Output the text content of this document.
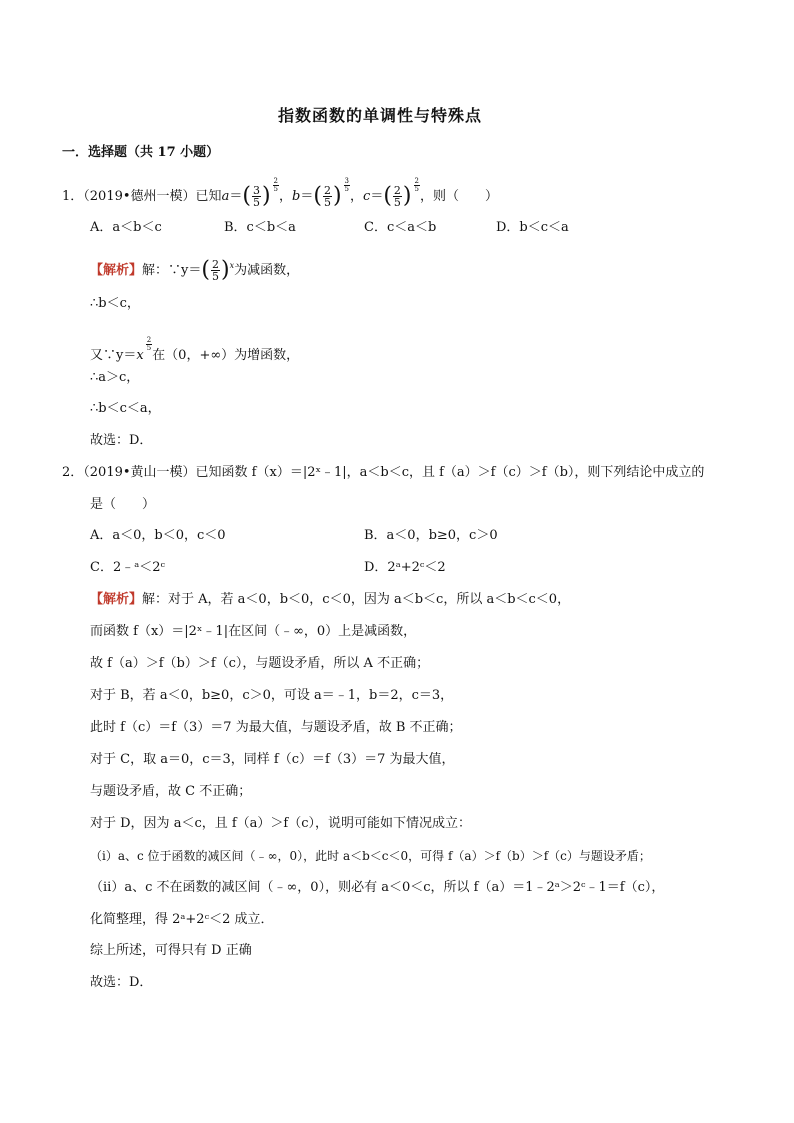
指数函数的单调性与特殊点
一．选择题（共 17 小题）
1．（2019•德州一模）已知$a=( \frac{3}{5}$ ) $\frac{2}{5}$
，$b=( \frac{2}{5}$ ) $\frac{3}{5}$
，$c=( \frac{2}{5}$ ) $\frac{2}{5}$
，则（　　）
A．a＜b＜c	B．c＜b＜a	C．c＜a＜b	D．b＜c＜a
【解析】解：∵y＝( $\frac{2}{5} )^x$为减函数，
∴b＜c，
又∵y＝x
$\frac{2}{5}$
在（0，+∞）为增函数，
∴a＞c，
∴b＜c＜a，
故选：D．
2．（2019•黄山一模）已知函数 f（x）＝|2ˣ﹣1|，a＜b＜c，且 f（a）＞f（c）＞f（b），则下列结论中成立的
是（　　）
A．a＜0，b＜0，c＜0	B．a＜0，b≥0，c＞0
C．2﹣ᵃ＜2ᶜ	D．2ᵃ+2ᶜ＜2
【解析】解：对于 A，若 a＜0，b＜0，c＜0，因为 a＜b＜c，所以 a＜b＜c＜0，
而函数 f（x）＝|2ˣ﹣1|在区间（﹣∞，0）上是减函数，
故 f（a）＞f（b）＞f（c），与题设矛盾，所以 A 不正确；
对于 B，若 a＜0，b≥0，c＞0，可设 a＝﹣1，b＝2，c＝3，
此时 f（c）＝f（3）＝7 为最大值，与题设矛盾，故 B 不正确；
对于 C，取 a＝0，c＝3，同样 f（c）＝f（3）＝7 为最大值，
与题设矛盾，故 C 不正确；
对于 D，因为 a＜c，且 f（a）＞f（c），说明可能如下情况成立：
（i）a、c 位于函数的减区间（﹣∞，0），此时 a＜b＜c＜0，可得 f（a）＞f（b）＞f（c）与题设矛盾；
（ii）a、c 不在函数的减区间（﹣∞，0），则必有 a＜0＜c，所以 f（a）＝1﹣2ᵃ＞2ᶜ﹣1＝f（c），
化简整理，得 2ᵃ+2ᶜ＜2 成立．
综上所述，可得只有 D 正确
故选：D．
